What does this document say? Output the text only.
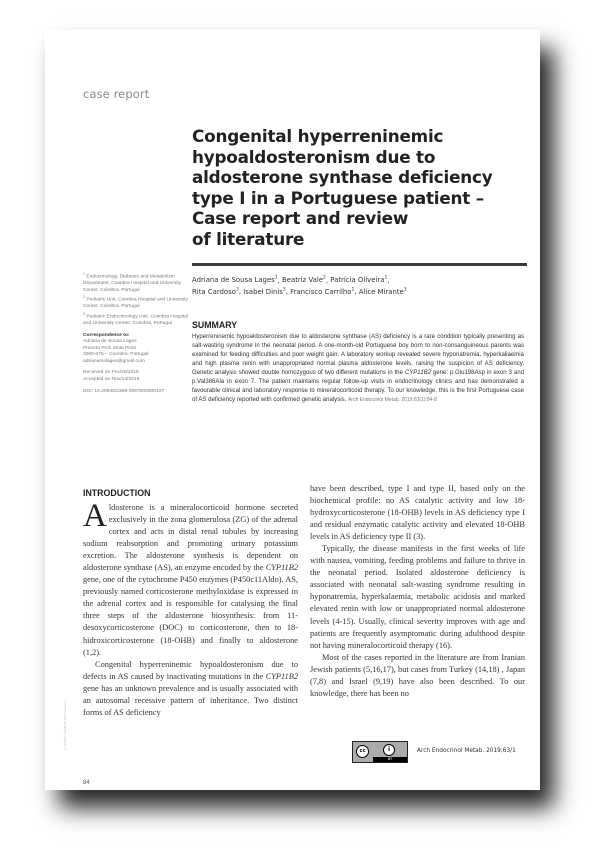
case report
Congenital hyperreninemic
hypoaldosteronism due to
aldosterone synthase deficiency
type I in a Portuguese patient –
Case report and review
of literature
$^1$ Endocrinology, Diabetes and Metabolism Department, Coimbra Hospital and University Center, Coimbra, Portugal
$^2$ Pediatric Unit, Coimbra Hospital and University Center, Coimbra, Portugal
$^3$ Pediatric Endocrinology Unit, Coimbra Hospital and University Center, Coimbra, Portugal
Correspondence to:
Adriana de Sousa Lages
Praceta Prof. Mota Pinto
3000-075 – Coimbra, Portugal
adrianamslages@gmail.com
Received on Fev/20/2018
Accepted on Nov/14/2018
DOI: 10.20945/2359-3997000000107
Adriana de Sousa Lages$^1$, Beatriz Vale$^2$, Patrícia Oliveira$^1$,
Rita Cardoso$^3$, Isabel Dinis$^3$, Francisco Carrilho$^1$, Alice Mirante$^3$
SUMMARY
Hyperreninemic hypoaldosteronism due to aldosterone synthase (AS) deficiency is a rare condition typically presenting as salt-wasting syndrome in the neonatal period. A one-month-old Portuguese boy born to non-consanguineous parents was examined for feeding difficulties and poor weight gain. A laboratory workup revealed severe hyponatremia, hyperkaliaemia and high plasma renin with unappropriated normal plasma aldosterone levels, raising the suspicion of AS deficiency. Genetic analysis showed double homozygous of two different mutations in the CYP11B2 gene: p.Glu198Asp in exon 3 and p.Val386Ala in exon 7. The patient maintains regular follow-up visits in endocrinology clinics and has demonstrated a favourable clinical and laboratory response to mineralocorticoid therapy. To our knowledge, this is the first Portuguese case of AS deficiency reported with confirmed genetic analysis. Arch Endocrinol Metab. 2019;63(1):84-8
INTRODUCTION

Aldosterone is a mineralocorticoid hormone secreted exclusively in the zona glomerulosa (ZG) of the adrenal cortex and acts in distal renal tubules by increasing sodium reabsorption and promoting urinary potassium excretion. The aldosterone synthesis is dependent on aldosterone synthase (AS), an enzyme encoded by the CYP11B2 gene, one of the cytochrome P450 enzymes (P450c11Aldo). AS, previously named corticosterone methyloxidase is expressed in the adrenal cortex and is responsible for catalysing the final three steps of the aldosterone biosynthesis: from 11-desoxycorticosterone (DOC) to corticosterone, then to 18-hidroxicorticosterone (18-OHB) and finally to aldosterone (1,2).

Congenital hyperreninemic hypoaldosteronism due to defects in AS caused by inactivating mutations in the CYP11B2 gene has an unknown prevalence and is usually associated with an autosomal recessive pattern of inheritance. Two distinct forms of AS deficiency

have been described, type I and type II, based only on the biochemical profile: no AS catalytic activity and low 18-hydroxycorticosterone (18-OHB) levels in AS deficiency type I and residual enzymatic catalytic activity and elevated 18-OHB levels in AS deficiency type II (3).

Typically, the disease manifests in the first weeks of life with nausea, vomiting, feeding problems and failure to thrive in the neonatal period. Isolated aldosterone deficiency is associated with neonatal salt-wasting syndrome resulting in hyponatremia, hyperkalaemia, metabolic acidosis and marked elevated renin with low or unappropriated normal aldosterone levels (4-15). Usually, clinical severity improves with age and patients are frequently asymptomatic during adulthood despite not having mineralocorticoid therapy (16).

Most of the cases reported in the literature are from Iranian Jewish patients (5,16,17), but cases from Turkey (14,18) , Japan (7,8) and Israel (9,19) have also been described. To our knowledge, there has been no

Copyright© AE&M all rights reserved.
84
cc	i
BY
Arch Endocrinol Metab. 2019;63/1
